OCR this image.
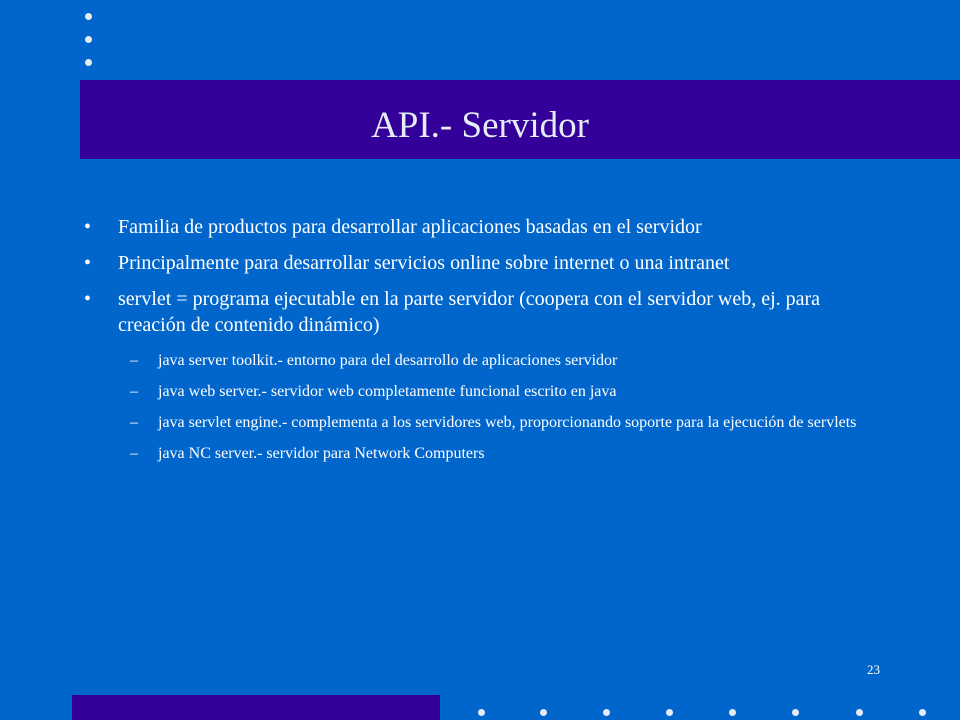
API.- Servidor
• Familia de productos para desarrollar aplicaciones basadas en el servidor
• Principalmente para desarrollar servicios online sobre internet o una intranet
• servlet = programa ejecutable en la parte servidor (coopera con el servidor web, ej. para creación de contenido dinámico)
– java server toolkit.- entorno para del desarrollo de aplicaciones servidor
– java web server.- servidor web completamente funcional escrito en java
– java servlet engine.- complementa a los servidores web, proporcionando soporte para la ejecución de servlets
– java NC server.- servidor para Network Computers
23
